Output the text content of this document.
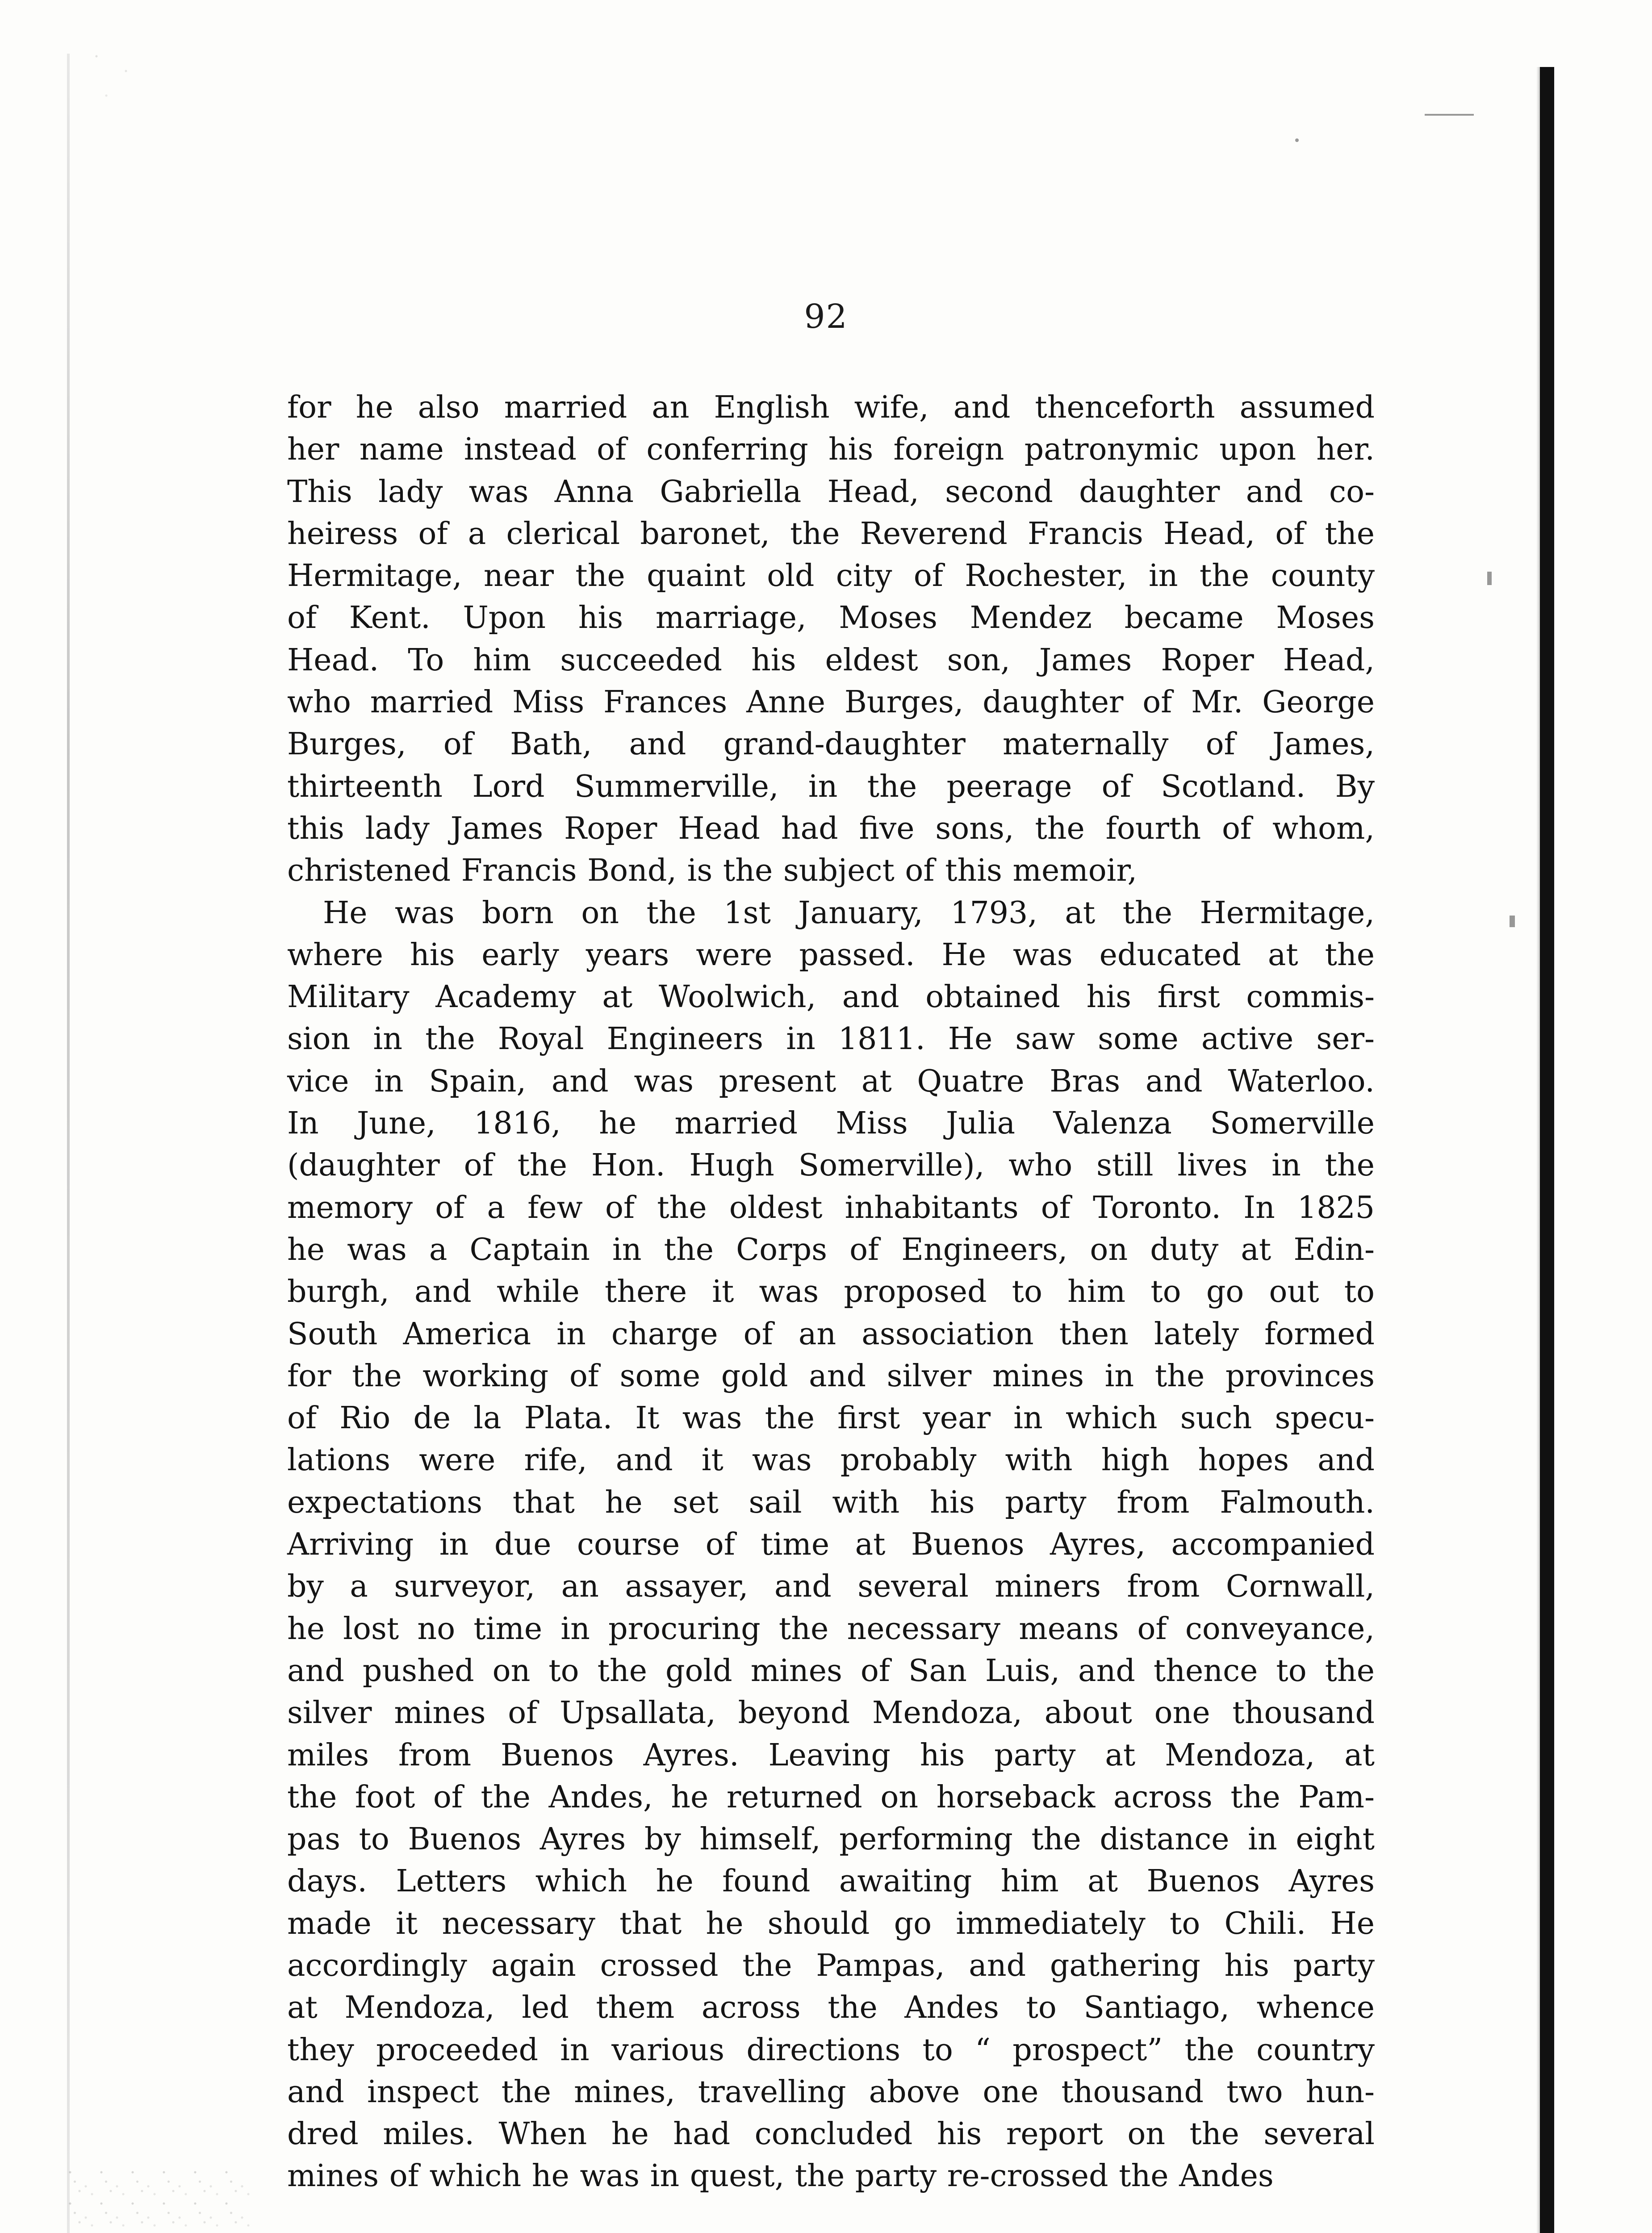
92
for he also married an English wife, and thenceforth assumed
her name instead of conferring his foreign patronymic upon her.
This lady was Anna Gabriella Head, second daughter and co-
heiress of a clerical baronet, the Reverend Francis Head, of the
Hermitage, near the quaint old city of Rochester, in the county
of Kent. Upon his marriage, Moses Mendez became Moses
Head. To him succeeded his eldest son, James Roper Head,
who married Miss Frances Anne Burges, daughter of Mr. George
Burges, of Bath, and grand-daughter maternally of James,
thirteenth Lord Summerville, in the peerage of Scotland. By
this lady James Roper Head had five sons, the fourth of whom,
christened Francis Bond, is the subject of this memoir,
He was born on the 1st January, 1793, at the Hermitage,
where his early years were passed. He was educated at the
Military Academy at Woolwich, and obtained his first commis-
sion in the Royal Engineers in 1811. He saw some active ser-
vice in Spain, and was present at Quatre Bras and Waterloo.
In June, 1816, he married Miss Julia Valenza Somerville
(daughter of the Hon. Hugh Somerville), who still lives in the
memory of a few of the oldest inhabitants of Toronto. In 1825
he was a Captain in the Corps of Engineers, on duty at Edin-
burgh, and while there it was proposed to him to go out to
South America in charge of an association then lately formed
for the working of some gold and silver mines in the provinces
of Rio de la Plata. It was the first year in which such specu-
lations were rife, and it was probably with high hopes and
expectations that he set sail with his party from Falmouth.
Arriving in due course of time at Buenos Ayres, accompanied
by a surveyor, an assayer, and several miners from Cornwall,
he lost no time in procuring the necessary means of conveyance,
and pushed on to the gold mines of San Luis, and thence to the
silver mines of Upsallata, beyond Mendoza, about one thousand
miles from Buenos Ayres. Leaving his party at Mendoza, at
the foot of the Andes, he returned on horseback across the Pam-
pas to Buenos Ayres by himself, performing the distance in eight
days. Letters which he found awaiting him at Buenos Ayres
made it necessary that he should go immediately to Chili. He
accordingly again crossed the Pampas, and gathering his party
at Mendoza, led them across the Andes to Santiago, whence
they proceeded in various directions to “ prospect” the country
and inspect the mines, travelling above one thousand two hun-
dred miles. When he had concluded his report on the several
mines of which he was in quest, the party re-crossed the Andes
